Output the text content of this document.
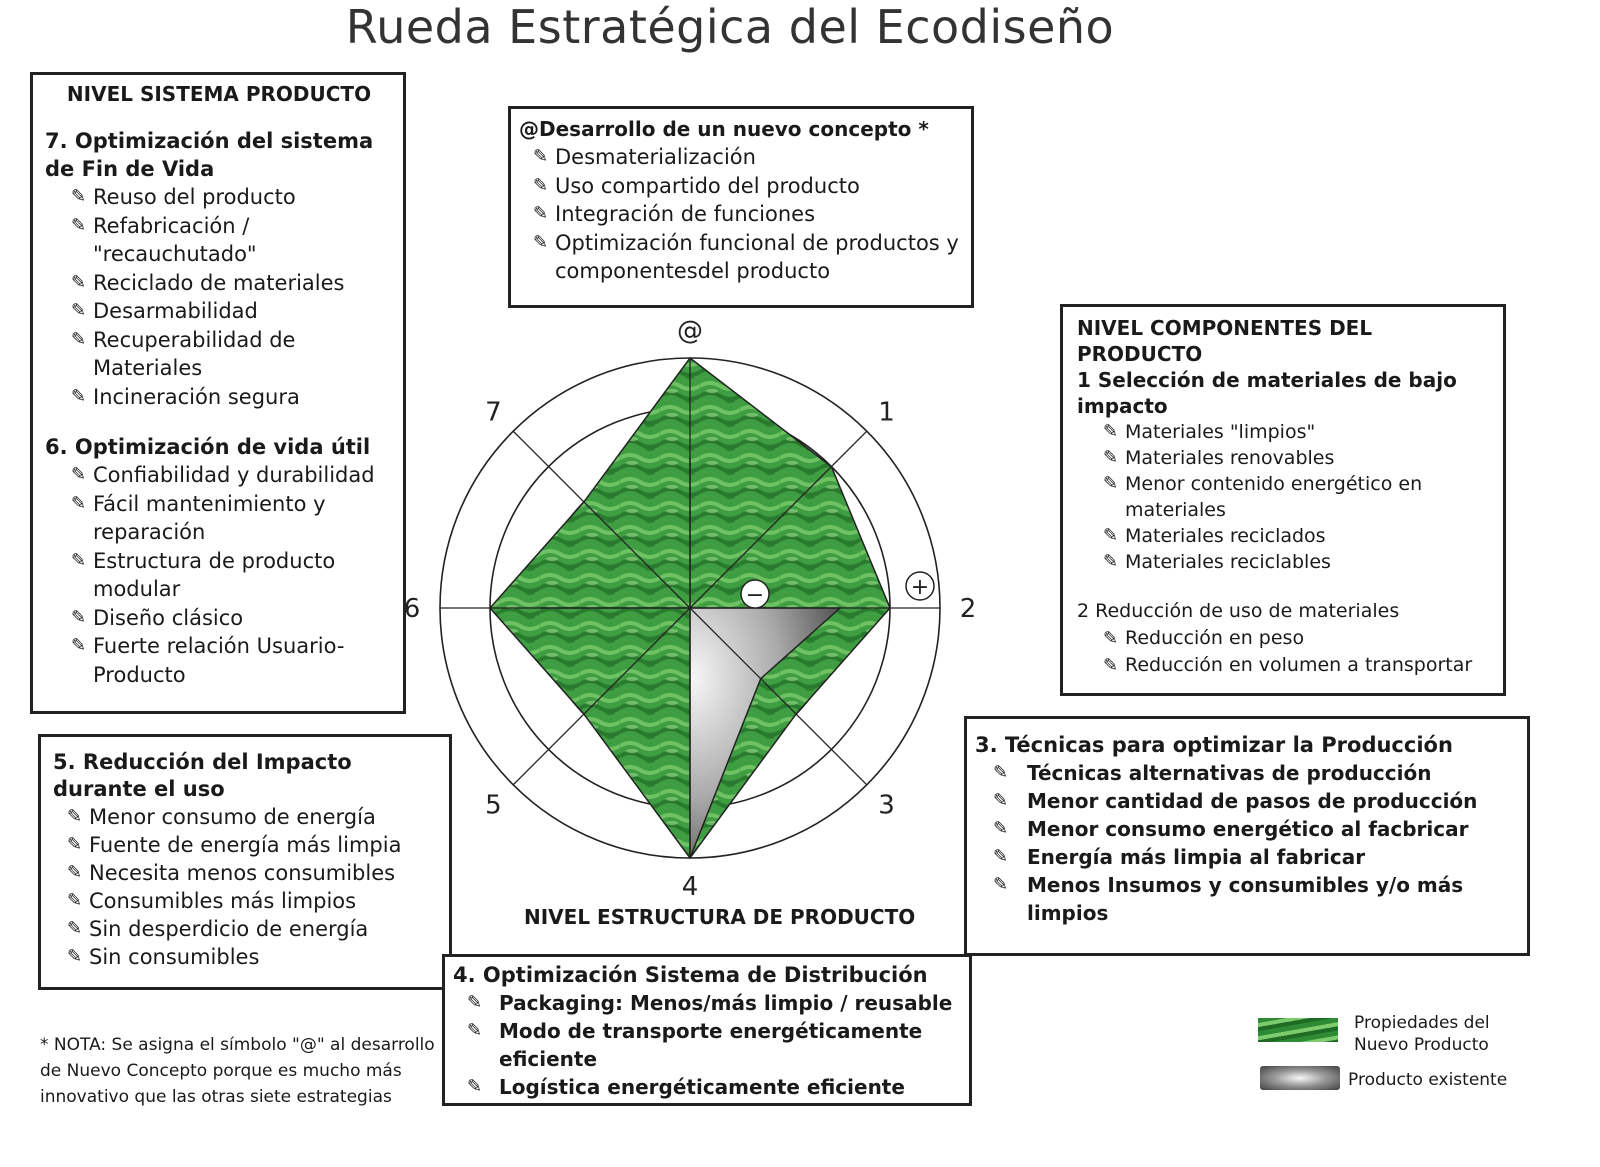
Rueda Estratégica del Ecodiseño
NIVEL SISTEMA PRODUCTO
7. Optimización del sistema de Fin de Vida
✎ Reuso del producto
✎ Refabricación / "recauchutado"
✎ Reciclado de materiales
✎ Desarmabilidad
✎ Recuperabilidad de Materiales
✎ Incineración segura
6. Optimización de vida útil
✎ Confiabilidad y durabilidad
✎ Fácil mantenimiento y reparación
✎ Estructura de producto modular
✎ Diseño clásico
✎ Fuerte relación Usuario-Producto
@Desarrollo de un nuevo concepto *
✎ Desmaterialización
✎ Uso compartido del producto
✎ Integración de funciones
✎ Optimización funcional de productos y componentesdel producto
NIVEL COMPONENTES DEL PRODUCTO
1 Selección de materiales de bajo impacto
✎ Materiales "limpios"
✎ Materiales renovables
✎ Menor contenido energético en materiales
✎ Materiales reciclados
✎ Materiales reciclables
2 Reducción de uso de materiales
✎ Reducción en peso
✎ Reducción en volumen a transportar
3. Técnicas para optimizar la Producción
✎ Técnicas alternativas de producción
✎ Menor cantidad de pasos de producción
✎ Menor consumo energético al facbricar
✎ Energía más limpia al fabricar
✎ Menos Insumos y consumibles y/o más limpios
5. Reducción del Impacto durante el uso
✎ Menor consumo de energía
✎ Fuente de energía más limpia
✎ Necesita menos consumibles
✎ Consumibles más limpios
✎ Sin desperdicio de energía
✎ Sin consumibles
NIVEL ESTRUCTURA DE PRODUCTO
4. Optimización Sistema de Distribución
✎ Packaging: Menos/más limpio / reusable
✎ Modo de transporte energéticamente eficiente
✎ Logística energéticamente eficiente
* NOTA: Se asigna el símbolo "@" al desarrollo de Nuevo Concepto porque es mucho más innovativo que las otras siete estrategias
@
1
2
3
4
5
6
7
+
−
Propiedades del Nuevo Producto
Producto existente
